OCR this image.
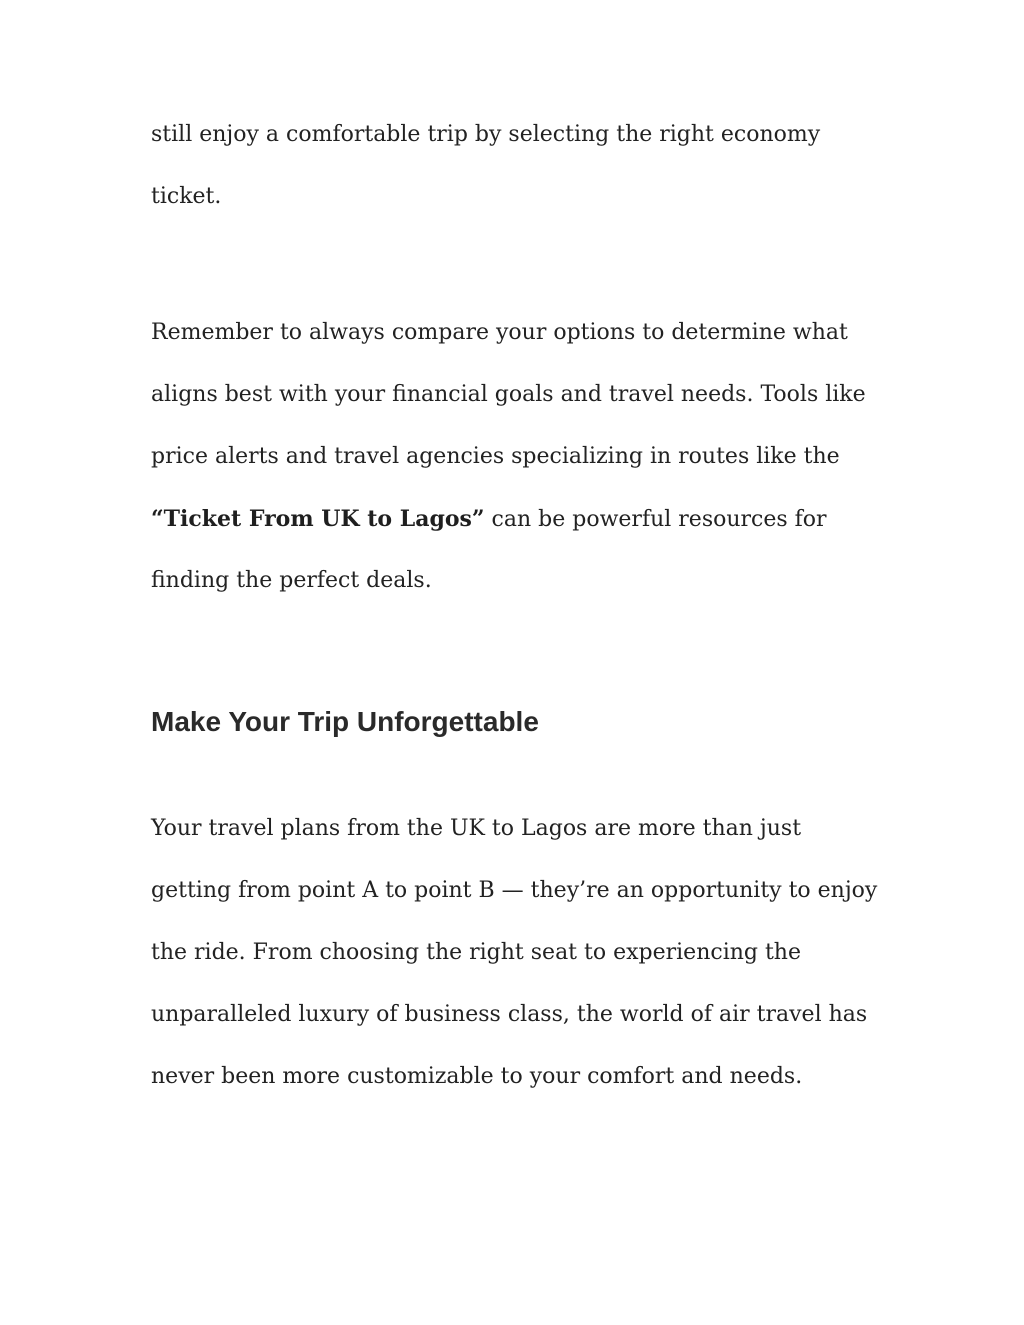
still enjoy a comfortable trip by selecting the right economy

ticket.

Remember to always compare your options to determine what

aligns best with your financial goals and travel needs. Tools like

price alerts and travel agencies specializing in routes like the

“Ticket From UK to Lagos” can be powerful resources for

finding the perfect deals.

Make Your Trip Unforgettable

Your travel plans from the UK to Lagos are more than just

getting from point A to point B — they’re an opportunity to enjoy

the ride. From choosing the right seat to experiencing the

unparalleled luxury of business class, the world of air travel has

never been more customizable to your comfort and needs.
